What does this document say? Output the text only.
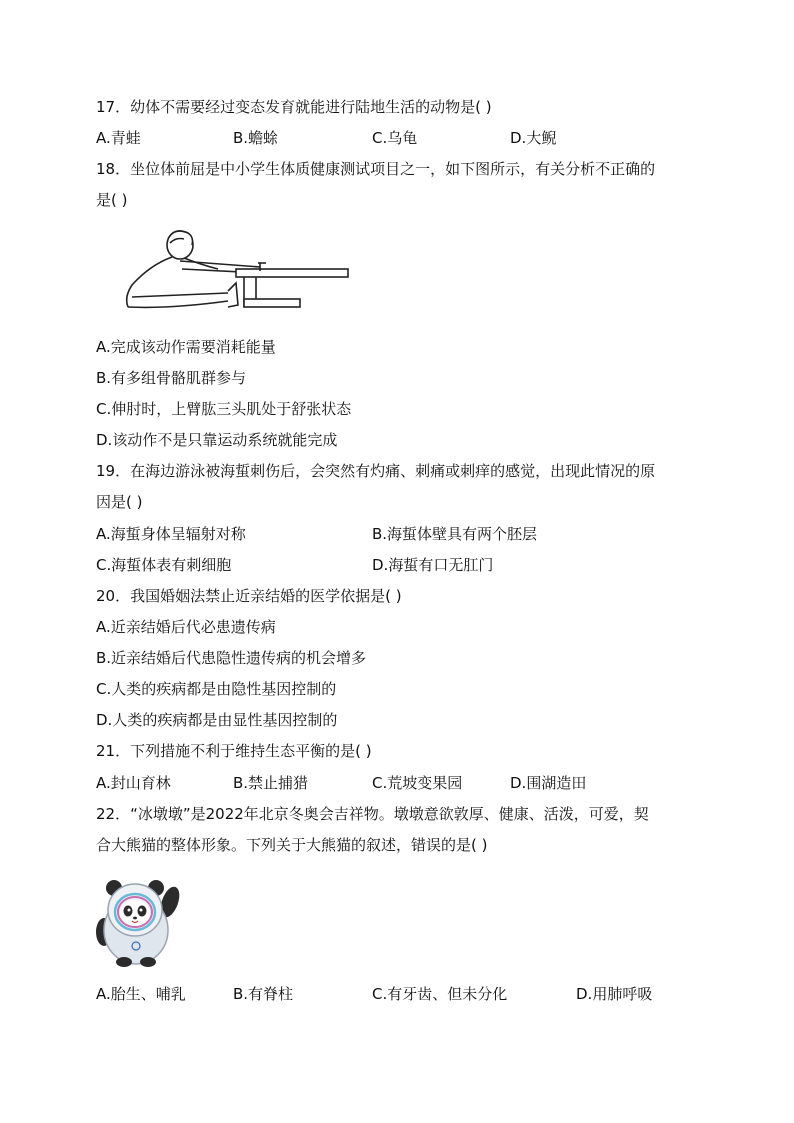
17．幼体不需要经过变态发育就能进行陆地生活的动物是( )
A.青蛙	B.蟾蜍	C.乌龟	D.大鲵
18．坐位体前屈是中小学生体质健康测试项目之一，如下图所示，有关分析不正确的
是( )
A.完成该动作需要消耗能量
B.有多组骨骼肌群参与
C.伸肘时，上臂肱三头肌处于舒张状态
D.该动作不是只靠运动系统就能完成
19．在海边游泳被海蜇刺伤后，会突然有灼痛、刺痛或刺痒的感觉，出现此情况的原
因是( )
A.海蜇身体呈辐射对称	B.海蜇体壁具有两个胚层
C.海蜇体表有刺细胞	D.海蜇有口无肛门
20．我国婚姻法禁止近亲结婚的医学依据是( )
A.近亲结婚后代必患遗传病
B.近亲结婚后代患隐性遗传病的机会增多
C.人类的疾病都是由隐性基因控制的
D.人类的疾病都是由显性基因控制的
21．下列措施不利于维持生态平衡的是( )
A.封山育林	B.禁止捕猎	C.荒坡变果园	D.围湖造田
22．“冰墩墩”是2022年北京冬奥会吉祥物。墩墩意欲敦厚、健康、活泼，可爱，契
合大熊猫的整体形象。下列关于大熊猫的叙述，错误的是( )
A.胎生、哺乳	B.有脊柱	C.有牙齿、但未分化	D.用肺呼吸
